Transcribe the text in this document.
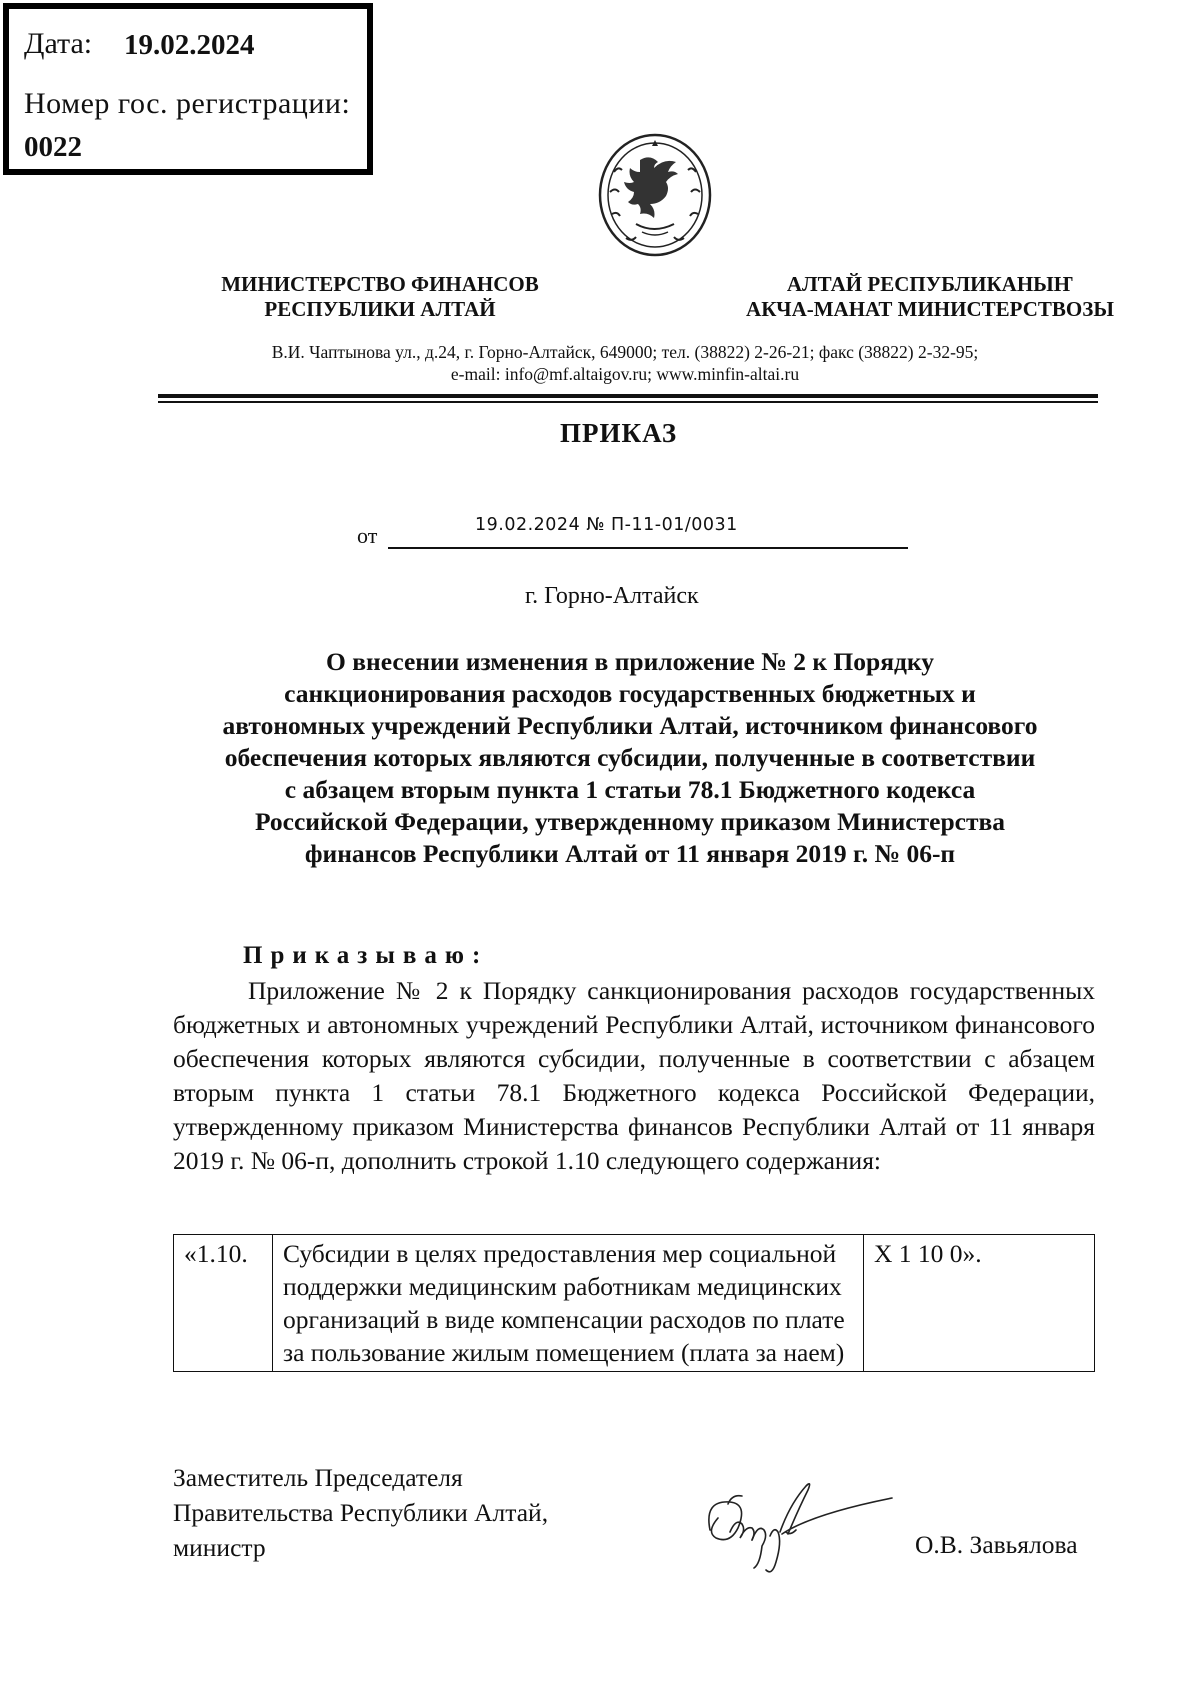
Дата: 19.02.2024
Номер гос. регистрации:
0022
МИНИСТЕРСТВО ФИНАНСОВ
РЕСПУБЛИКИ АЛТАЙ
АЛТАЙ РЕСПУБЛИКАНЫҤ
АКЧА-МАНАТ МИНИСТЕРСТВОЗЫ
В.И. Чаптынова ул., д.24, г. Горно-Алтайск, 649000; тел. (38822) 2-26-21; факс (38822) 2-32-95;
e-mail: info@mf.altaigov.ru; www.minfin-altai.ru
ПРИКАЗ
от	19.02.2024 № П-11-01/0031
г. Горно-Алтайск
О внесении изменения в приложение № 2 к Порядку
санкционирования расходов государственных бюджетных и
автономных учреждений Республики Алтай, источником финансового
обеспечения которых являются субсидии, полученные в соответствии
с абзацем вторым пункта 1 статьи 78.1 Бюджетного кодекса
Российской Федерации, утвержденному приказом Министерства
финансов Республики Алтай от 11 января 2019 г. № 06-п
Приказываю:
Приложение № 2 к Порядку санкционирования расходов государственных бюджетных и автономных учреждений Республики Алтай, источником финансового обеспечения которых являются субсидии, полученные в соответствии с абзацем вторым пункта 1 статьи 78.1 Бюджетного кодекса Российской Федерации, утвержденному приказом Министерства финансов Республики Алтай от 11 января 2019 г. № 06-п, дополнить строкой 1.10 следующего содержания:
«1.10.	Субсидии в целях предоставления мер социальной поддержки медицинским работникам медицинских организаций в виде компенсации расходов по плате за пользование жилым помещением (плата за наем)	Х 1 10 0».
Заместитель Председателя
Правительства Республики Алтай,
министр	О.В. Завьялова
